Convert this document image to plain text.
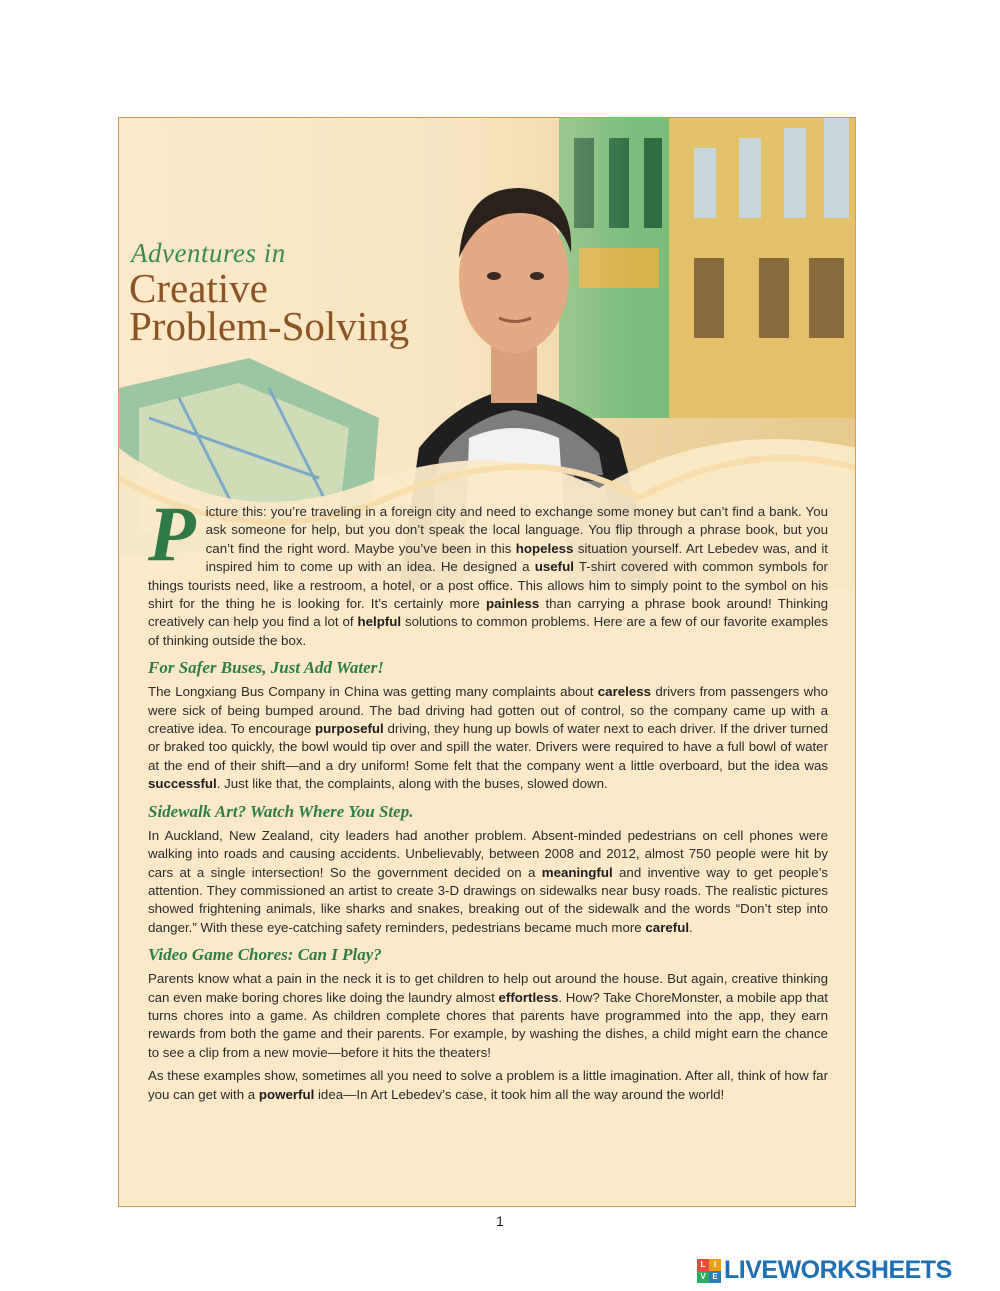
Adventures in
Creative
Problem-Solving

Picture this: you’re traveling in a foreign city and need to exchange some money but can’t find a bank. You ask someone for help, but you don’t speak the local language. You flip through a phrase book, but you can’t find the right word. Maybe you’ve been in this hopeless situation yourself. Art Lebedev was, and it inspired him to come up with an idea. He designed a useful T-shirt covered with common symbols for things tourists need, like a restroom, a hotel, or a post office. This allows him to simply point to the symbol on his shirt for the thing he is looking for. It’s certainly more painless than carrying a phrase book around! Thinking creatively can help you find a lot of helpful solutions to common problems. Here are a few of our favorite examples of thinking outside the box.

For Safer Buses, Just Add Water!

The Longxiang Bus Company in China was getting many complaints about careless drivers from passengers who were sick of being bumped around. The bad driving had gotten out of control, so the company came up with a creative idea. To encourage purposeful driving, they hung up bowls of water next to each driver. If the driver turned or braked too quickly, the bowl would tip over and spill the water. Drivers were required to have a full bowl of water at the end of their shift—and a dry uniform! Some felt that the company went a little overboard, but the idea was successful. Just like that, the complaints, along with the buses, slowed down.

Sidewalk Art? Watch Where You Step.

In Auckland, New Zealand, city leaders had another problem. Absent-minded pedestrians on cell phones were walking into roads and causing accidents. Unbelievably, between 2008 and 2012, almost 750 people were hit by cars at a single intersection! So the government decided on a meaningful and inventive way to get people’s attention. They commissioned an artist to create 3-D drawings on sidewalks near busy roads. The realistic pictures showed frightening animals, like sharks and snakes, breaking out of the sidewalk and the words “Don’t step into danger.” With these eye-catching safety reminders, pedestrians became much more careful.

Video Game Chores: Can I Play?

Parents know what a pain in the neck it is to get children to help out around the house. But again, creative thinking can even make boring chores like doing the laundry almost effortless. How? Take ChoreMonster, a mobile app that turns chores into a game. As children complete chores that parents have programmed into the app, they earn rewards from both the game and their parents. For example, by washing the dishes, a child might earn the chance to see a clip from a new movie—before it hits the theaters!

As these examples show, sometimes all you need to solve a problem is a little imagination. After all, think of how far you can get with a powerful idea—In Art Lebedev’s case, it took him all the way around the world!

1
L	I
V E LIVEWORKSHEETS
